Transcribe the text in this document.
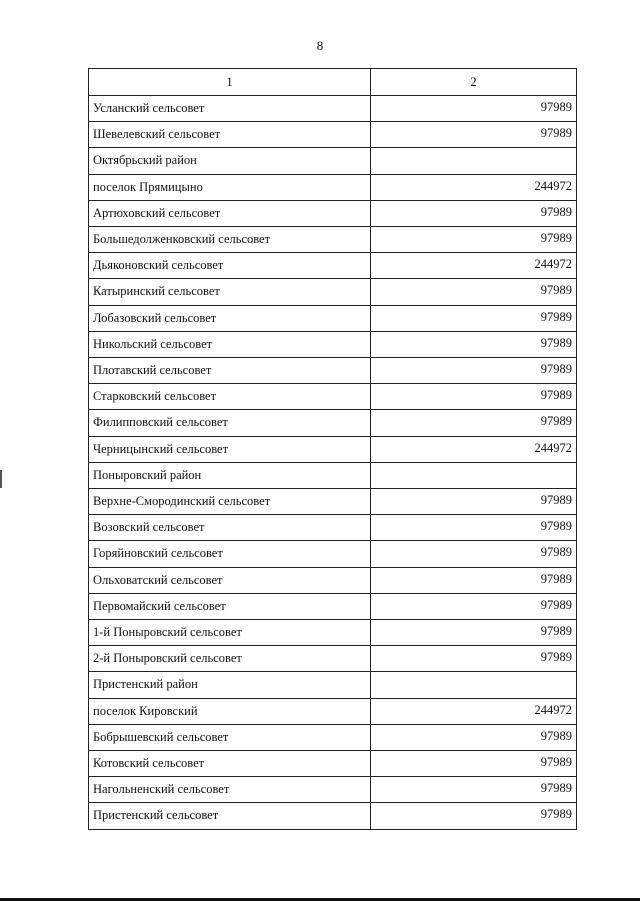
8
1	2
Усланский сельсовет	97989
Шевелевский сельсовет	97989
Октябрьский район	
поселок Прямицыно	244972
Артюховский сельсовет	97989
Большедолженковский сельсовет	97989
Дьяконовский сельсовет	244972
Катыринский сельсовет	97989
Лобазовский сельсовет	97989
Никольский сельсовет	97989
Плотавский сельсовет	97989
Старковский сельсовет	97989
Филипповский сельсовет	97989
Черницынский сельсовет	244972
Поныровский район	
Верхне-Смородинский сельсовет	97989
Возовский сельсовет	97989
Горяйновский сельсовет	97989
Ольховатский сельсовет	97989
Первомайский сельсовет	97989
1-й Поныровский сельсовет	97989
2-й Поныровский сельсовет	97989
Пристенский район	
поселок Кировский	244972
Бобрышевский сельсовет	97989
Котовский сельсовет	97989
Нагольненский сельсовет	97989
Пристенский сельсовет	97989
